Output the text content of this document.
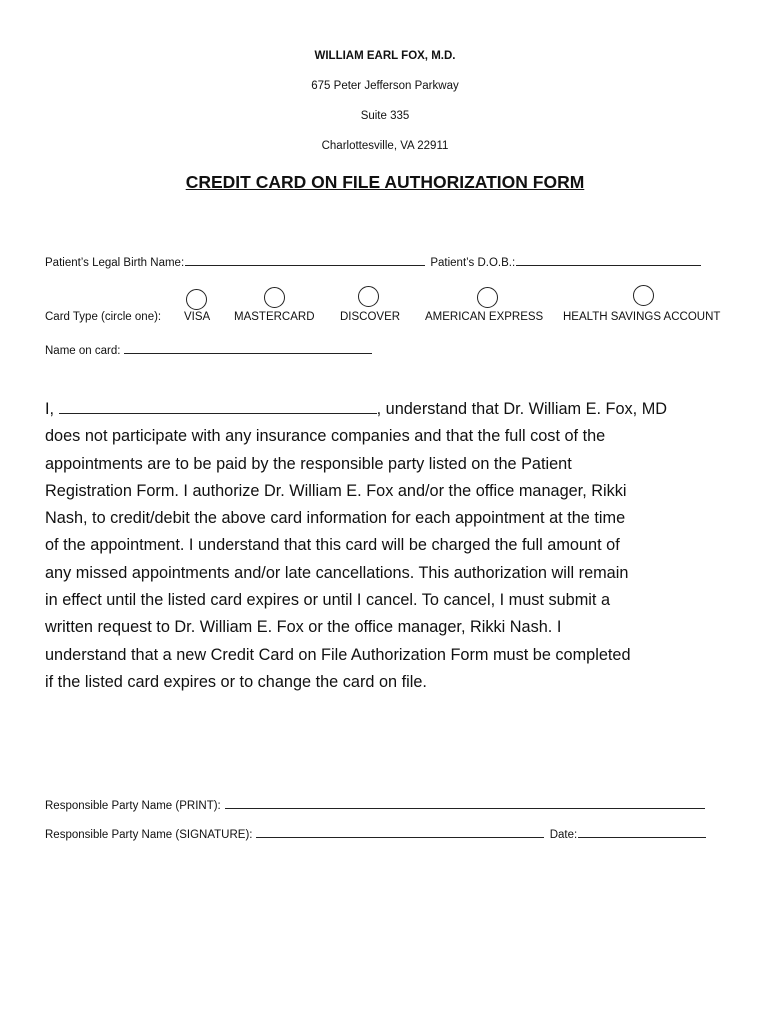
WILLIAM EARL FOX, M.D.
675 Peter Jefferson Parkway
Suite 335
Charlottesville, VA 22911
CREDIT CARD ON FILE AUTHORIZATION FORM
Patient’s Legal Birth Name:	Patient’s D.O.B.:
Card Type (circle one): VISA MASTERCARD DISCOVER AMERICAN EXPRESS HEALTH SAVINGS ACCOUNT
Name on card:
I,	, understand that Dr. William E. Fox, MD
does not participate with any insurance companies and that the full cost of the
appointments are to be paid by the responsible party listed on the Patient
Registration Form. I authorize Dr. William E. Fox and/or the office manager, Rikki
Nash, to credit/debit the above card information for each appointment at the time
of the appointment. I understand that this card will be charged the full amount of
any missed appointments and/or late cancellations. This authorization will remain
in effect until the listed card expires or until I cancel. To cancel, I must submit a
written request to Dr. William E. Fox or the office manager, Rikki Nash. I
understand that a new Credit Card on File Authorization Form must be completed
if the listed card expires or to change the card on file.
Responsible Party Name (PRINT):
Responsible Party Name (SIGNATURE):	Date:
